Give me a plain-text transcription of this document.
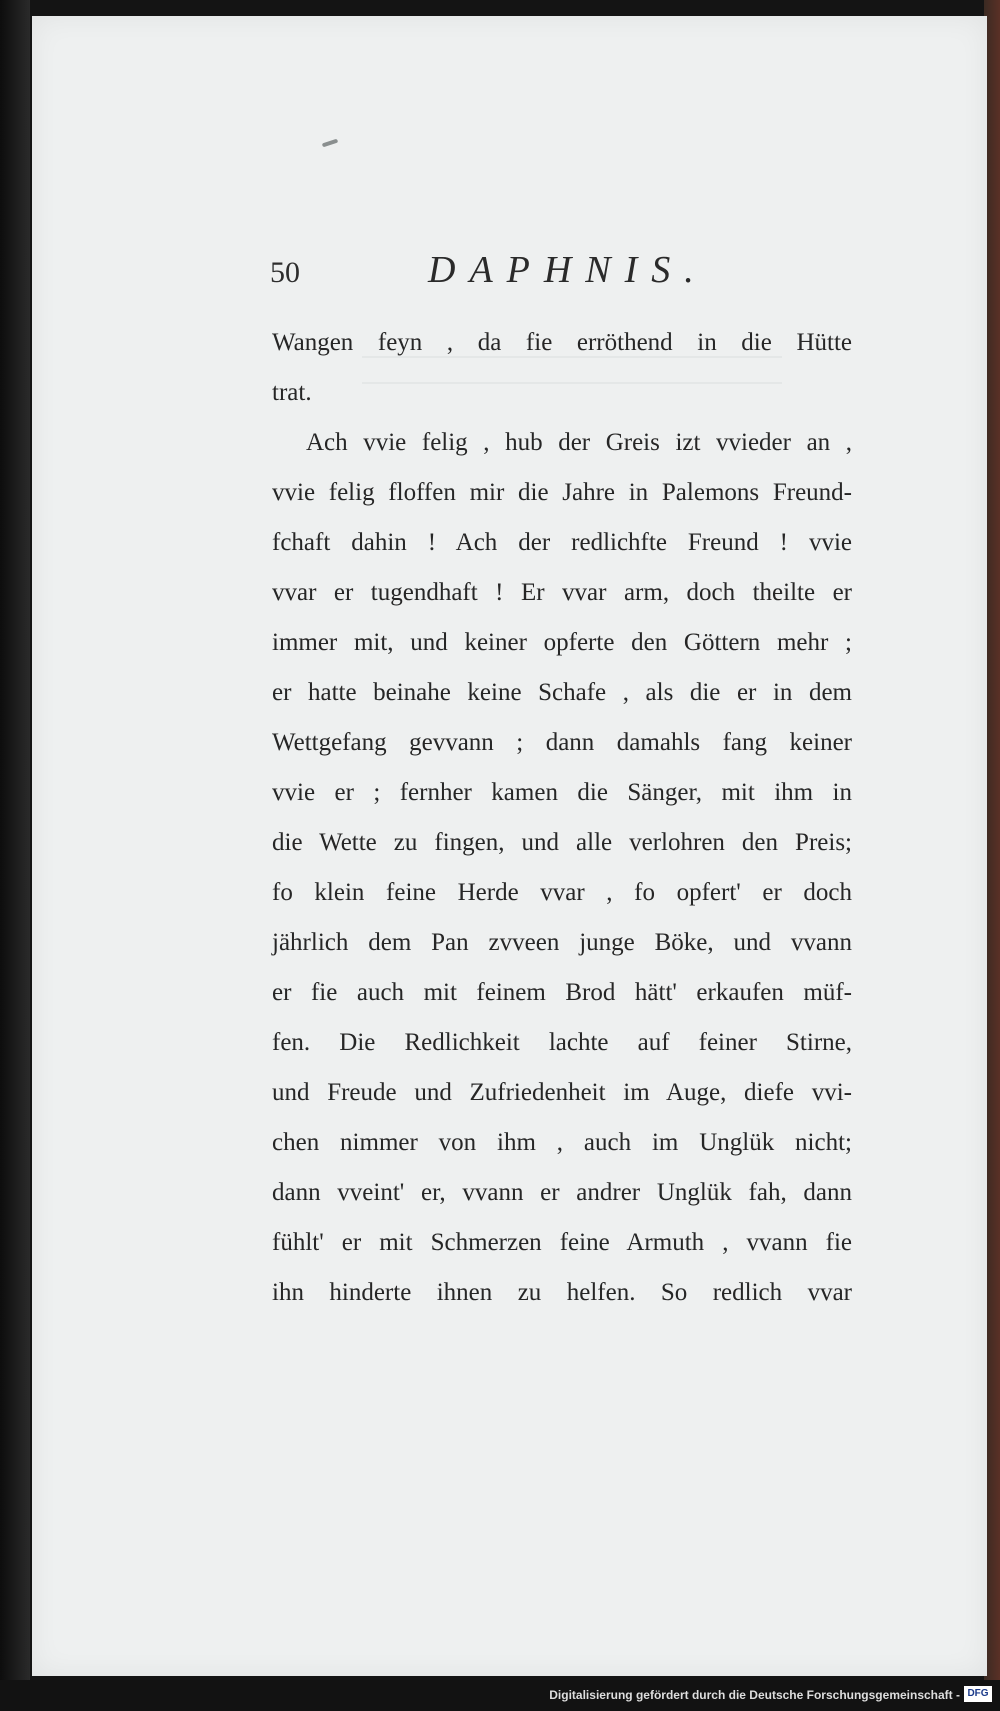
50	DAPHNIS.
Wangen feyn , da fie erröthend in die Hütte
trat.
Ach vvie felig , hub der Greis izt vvieder an ,
vvie felig floffen mir die Jahre in Palemons Freund-
fchaft dahin ! Ach der redlichfte Freund ! vvie
vvar er tugendhaft ! Er vvar arm, doch theilte er
immer mit, und keiner opferte den Göttern mehr ;
er hatte beinahe keine Schafe , als die er in dem
Wettgefang gevvann ; dann damahls fang keiner
vvie er ; fernher kamen die Sänger, mit ihm in
die Wette zu fingen, und alle verlohren den Preis;
fo klein feine Herde vvar , fo opfert' er doch
jährlich dem Pan zvveen junge Böke, und vvann
er fie auch mit feinem Brod hätt' erkaufen müf-
fen. Die Redlichkeit lachte auf feiner Stirne,
und Freude und Zufriedenheit im Auge, diefe vvi-
chen nimmer von ihm , auch im Unglük nicht;
dann vveint' er, vvann er andrer Unglük fah, dann
fühlt' er mit Schmerzen feine Armuth , vvann fie
ihn hinderte ihnen zu helfen. So redlich vvar
Digitalisierung gefördert durch die Deutsche Forschungsgemeinschaft - DFG
